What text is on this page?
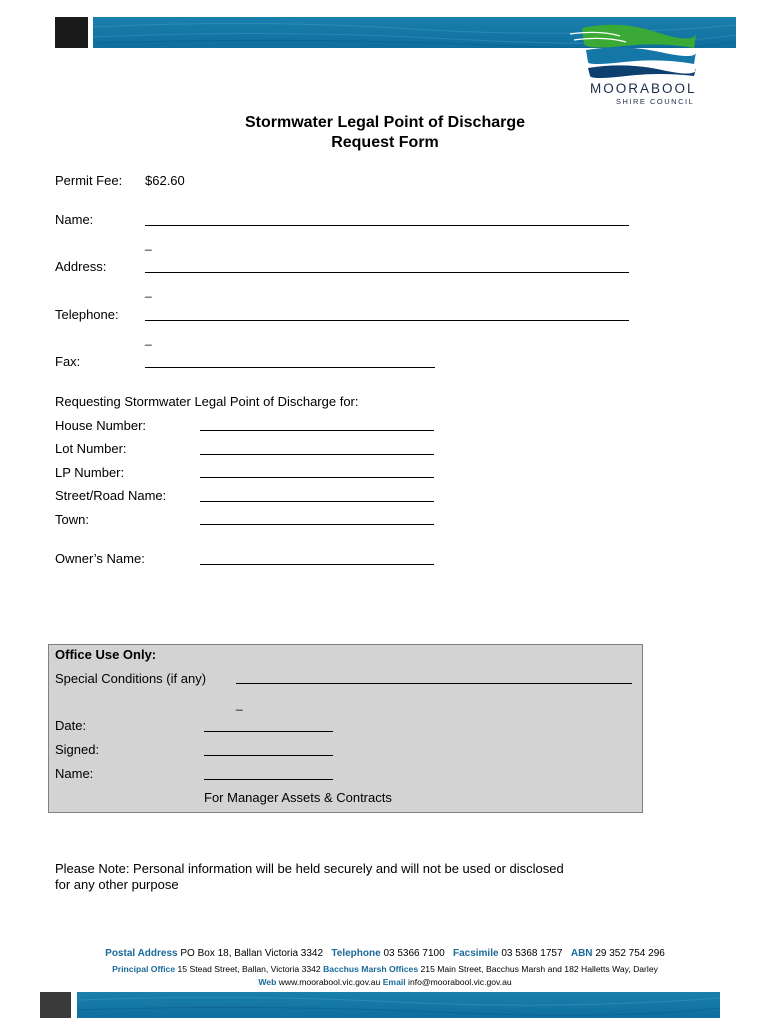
MOORABOOL
SHIRE COUNCIL
Stormwater Legal Point of Discharge
Request Form
Permit Fee: $62.60
Name:
_
Address:
_
Telephone:
_
Fax:
Requesting Stormwater Legal Point of Discharge for:
House Number:
Lot Number:
LP Number:
Street/Road Name:
Town:
Owner’s Name:
Office Use Only:
Special Conditions (if any)
_
Date:
Signed:
Name:
For Manager Assets & Contracts
Please Note: Personal information will be held securely and will not be used or disclosed
for any other purpose
Postal Address PO Box 18, Ballan Victoria 3342 Telephone 03 5366 7100 Facsimile 03 5368 1757 ABN 29 352 754 296
Principal Office 15 Stead Street, Ballan, Victoria 3342 Bacchus Marsh Offices 215 Main Street, Bacchus Marsh and 182 Halletts Way, Darley
Web www.moorabool.vic.gov.au Email info@moorabool.vic.gov.au
